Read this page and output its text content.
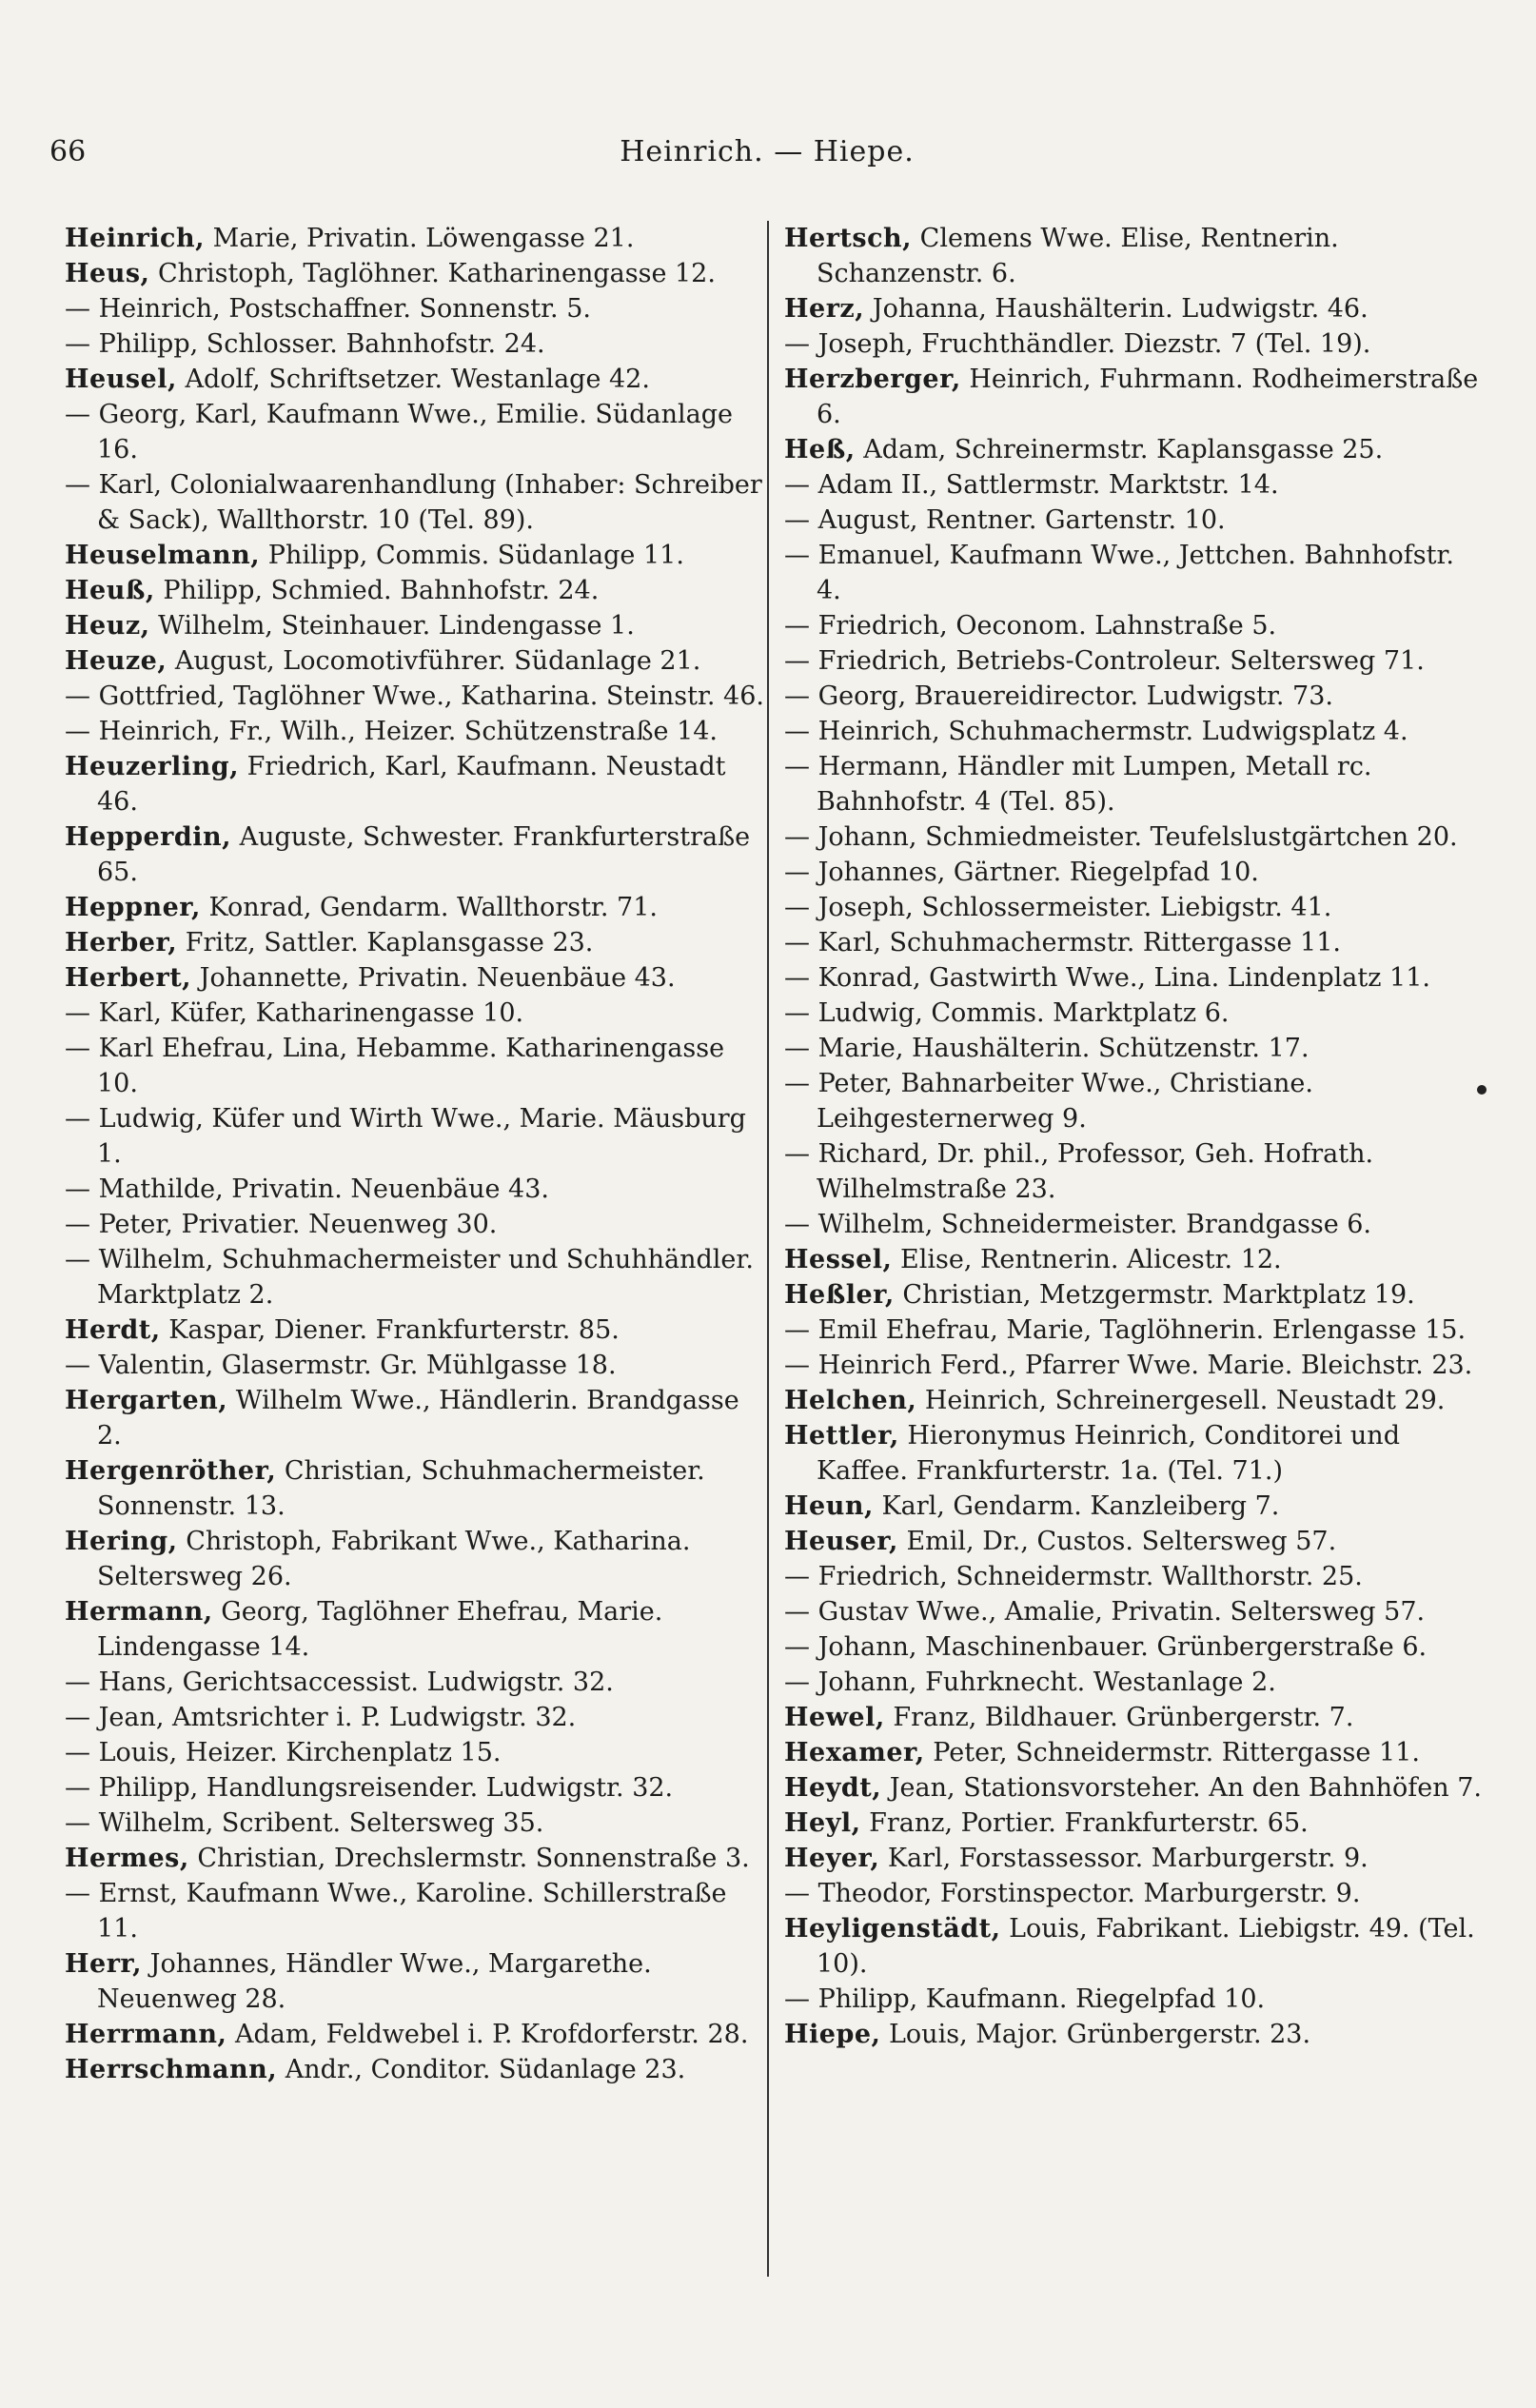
66	Heinrich. — Hiepe.
Heinrich, Marie, Privatin. Löwengasse 21.
Heus, Christoph, Taglöhner. Katharinengasse 12.
— Heinrich, Postschaffner. Sonnenstr. 5.
— Philipp, Schlosser. Bahnhofstr. 24.
Heusel, Adolf, Schriftsetzer. Westanlage 42.
— Georg, Karl, Kaufmann Wwe., Emilie. Südanlage 16.
— Karl, Colonialwaarenhandlung (Inhaber: Schreiber & Sack), Wallthorstr. 10 (Tel. 89).
Heuselmann, Philipp, Commis. Südanlage 11.
Heuß, Philipp, Schmied. Bahnhofstr. 24.
Heuz, Wilhelm, Steinhauer. Lindengasse 1.
Heuze, August, Locomotivführer. Südanlage 21.
— Gottfried, Taglöhner Wwe., Katharina. Steinstr. 46.
— Heinrich, Fr., Wilh., Heizer. Schützenstraße 14.
Heuzerling, Friedrich, Karl, Kaufmann. Neustadt 46.
Hepperdin, Auguste, Schwester. Frankfurterstraße 65.
Heppner, Konrad, Gendarm. Wallthorstr. 71.
Herber, Fritz, Sattler. Kaplansgasse 23.
Herbert, Johannette, Privatin. Neuenbäue 43.
— Karl, Küfer, Katharinengasse 10.
— Karl Ehefrau, Lina, Hebamme. Katharinengasse 10.
— Ludwig, Küfer und Wirth Wwe., Marie. Mäusburg 1.
— Mathilde, Privatin. Neuenbäue 43.
— Peter, Privatier. Neuenweg 30.
— Wilhelm, Schuhmachermeister und Schuhhändler. Marktplatz 2.
Herdt, Kaspar, Diener. Frankfurterstr. 85.
— Valentin, Glasermstr. Gr. Mühlgasse 18.
Hergarten, Wilhelm Wwe., Händlerin. Brandgasse 2.
Hergenröther, Christian, Schuhmachermeister. Sonnenstr. 13.
Hering, Christoph, Fabrikant Wwe., Katharina. Seltersweg 26.
Hermann, Georg, Taglöhner Ehefrau, Marie. Lindengasse 14.
— Hans, Gerichtsaccessist. Ludwigstr. 32.
— Jean, Amtsrichter i. P. Ludwigstr. 32.
— Louis, Heizer. Kirchenplatz 15.
— Philipp, Handlungsreisender. Ludwigstr. 32.
— Wilhelm, Scribent. Seltersweg 35.
Hermes, Christian, Drechslermstr. Sonnenstraße 3.
— Ernst, Kaufmann Wwe., Karoline. Schillerstraße 11.
Herr, Johannes, Händler Wwe., Margarethe. Neuenweg 28.
Herrmann, Adam, Feldwebel i. P. Krofdorferstr. 28.
Herrschmann, Andr., Conditor. Südanlage 23.
Hertsch, Clemens Wwe. Elise, Rentnerin. Schanzenstr. 6.
Herz, Johanna, Haushälterin. Ludwigstr. 46.
— Joseph, Fruchthändler. Diezstr. 7 (Tel. 19).
Herzberger, Heinrich, Fuhrmann. Rodheimerstraße 6.
Heß, Adam, Schreinermstr. Kaplansgasse 25.
— Adam II., Sattlermstr. Marktstr. 14.
— August, Rentner. Gartenstr. 10.
— Emanuel, Kaufmann Wwe., Jettchen. Bahnhofstr. 4.
— Friedrich, Oeconom. Lahnstraße 5.
— Friedrich, Betriebs-Controleur. Seltersweg 71.
— Georg, Brauereidirector. Ludwigstr. 73.
— Heinrich, Schuhmachermstr. Ludwigsplatz 4.
— Hermann, Händler mit Lumpen, Metall rc. Bahnhofstr. 4 (Tel. 85).
— Johann, Schmiedmeister. Teufelslustgärtchen 20.
— Johannes, Gärtner. Riegelpfad 10.
— Joseph, Schlossermeister. Liebigstr. 41.
— Karl, Schuhmachermstr. Rittergasse 11.
— Konrad, Gastwirth Wwe., Lina. Lindenplatz 11.
— Ludwig, Commis. Marktplatz 6.
— Marie, Haushälterin. Schützenstr. 17.
— Peter, Bahnarbeiter Wwe., Christiane. Leihgesternerweg 9.
— Richard, Dr. phil., Professor, Geh. Hofrath. Wilhelmstraße 23.
— Wilhelm, Schneidermeister. Brandgasse 6.
Hessel, Elise, Rentnerin. Alicestr. 12.
Heßler, Christian, Metzgermstr. Marktplatz 19.
— Emil Ehefrau, Marie, Taglöhnerin. Erlengasse 15.
— Heinrich Ferd., Pfarrer Wwe. Marie. Bleichstr. 23.
Helchen, Heinrich, Schreinergesell. Neustadt 29.
Hettler, Hieronymus Heinrich, Conditorei und Kaffee. Frankfurterstr. 1a. (Tel. 71.)
Heun, Karl, Gendarm. Kanzleiberg 7.
Heuser, Emil, Dr., Custos. Seltersweg 57.
— Friedrich, Schneidermstr. Wallthorstr. 25.
— Gustav Wwe., Amalie, Privatin. Seltersweg 57.
— Johann, Maschinenbauer. Grünbergerstraße 6.
— Johann, Fuhrknecht. Westanlage 2.
Hewel, Franz, Bildhauer. Grünbergerstr. 7.
Hexamer, Peter, Schneidermstr. Rittergasse 11.
Heydt, Jean, Stationsvorsteher. An den Bahnhöfen 7.
Heyl, Franz, Portier. Frankfurterstr. 65.
Heyer, Karl, Forstassessor. Marburgerstr. 9.
— Theodor, Forstinspector. Marburgerstr. 9.
Heyligenstädt, Louis, Fabrikant. Liebigstr. 49. (Tel. 10).
— Philipp, Kaufmann. Riegelpfad 10.
Hiepe, Louis, Major. Grünbergerstr. 23.
